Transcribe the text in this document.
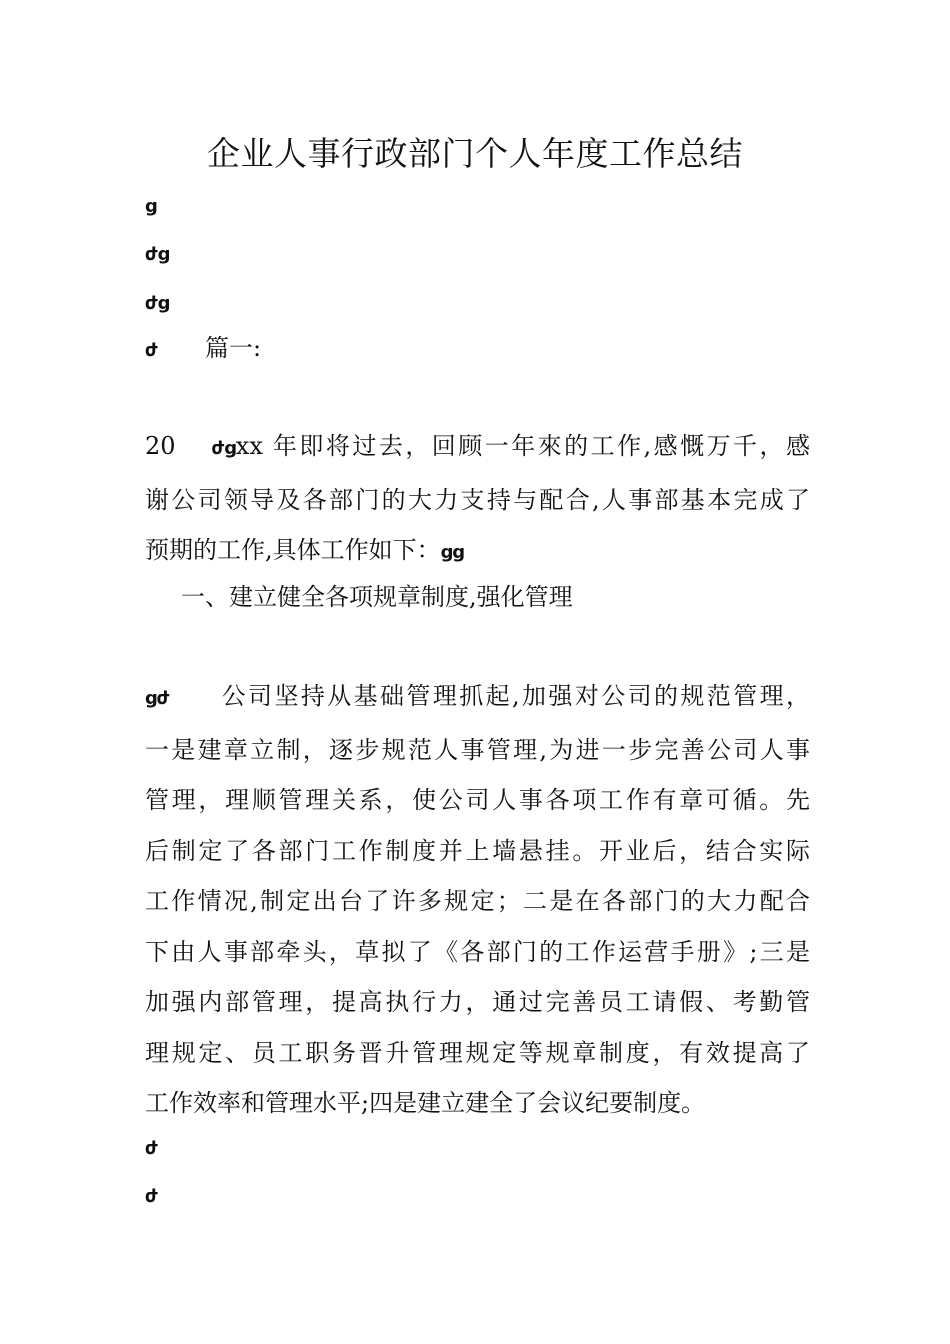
企业人事行政部门个人年度工作总结
ց
ժց
ժց
ժ 篇一:
20 ժցxx 年即将过去，回顾一年來的工作,感慨万千，感
谢公司领导及各部门的大力支持与配合,人事部基本完成了
预期的工作,具体工作如下：ցց
一、建立健全各项规章制度,强化管理
ցժ 公司坚持从基础管理抓起,加强对公司的规范管理，
一是建章立制，逐步规范人事管理,为进一步完善公司人事
管理，理顺管理关系，使公司人事各项工作有章可循。先
后制定了各部门工作制度并上墙悬挂。开业后，结合实际
工作情况,制定出台了许多规定；二是在各部门的大力配合
下由人事部牵头，草拟了《各部门的工作运营手册》;三是
加强内部管理，提高执行力，通过完善员工请假、考勤管
理规定、员工职务晋升管理规定等规章制度，有效提高了
工作效率和管理水平;四是建立建全了会议纪要制度。
ժ
ժ
